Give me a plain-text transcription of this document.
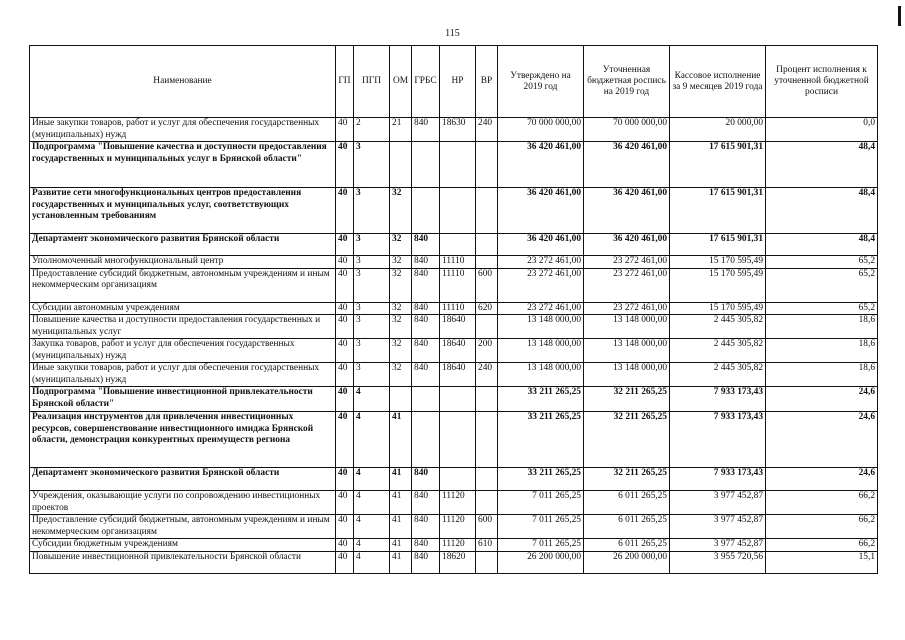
115
Наименование	ГП	ПГП	ОМ	ГРБС	НР	ВР	Утверждено на 2019 год	Уточненная бюджетная роспись на 2019 год	Кассовое исполнение за 9 месяцев 2019 года	Процент исполнения к уточненной бюджетной росписи
Иные закупки товаров, работ и услуг для обеспечения государственных (муниципальных) нужд	40	2	21	840	18630	240	70 000 000,00	70 000 000,00	20 000,00	0,0
Подпрограмма "Повышение качества и доступности предоставления государственных и муниципальных услуг в Брянской области"	40	3					36 420 461,00	36 420 461,00	17 615 901,31	48,4
Развитие сети многофункциональных центров предоставления государственных и муниципальных услуг, соответствующих установленным требованиям	40	3	32				36 420 461,00	36 420 461,00	17 615 901,31	48,4
Департамент экономического развития Брянской области	40	3	32	840			36 420 461,00	36 420 461,00	17 615 901,31	48,4
Уполномоченный многофункциональный центр	40	3	32	840	11110		23 272 461,00	23 272 461,00	15 170 595,49	65,2
Предоставление субсидий бюджетным, автономным учреждениям и иным некоммерческим организациям	40	3	32	840	11110	600	23 272 461,00	23 272 461,00	15 170 595,49	65,2
Субсидии автономным учреждениям	40	3	32	840	11110	620	23 272 461,00	23 272 461,00	15 170 595,49	65,2
Повышение качества и доступности предоставления государственных и муниципальных услуг	40	3	32	840	18640		13 148 000,00	13 148 000,00	2 445 305,82	18,6
Закупка товаров, работ и услуг для обеспечения государственных (муниципальных) нужд	40	3	32	840	18640	200	13 148 000,00	13 148 000,00	2 445 305,82	18,6
Иные закупки товаров, работ и услуг для обеспечения государственных (муниципальных) нужд	40	3	32	840	18640	240	13 148 000,00	13 148 000,00	2 445 305,82	18,6
Подпрограмма "Повышение инвестиционной привлекательности Брянской области"	40	4					33 211 265,25	32 211 265,25	7 933 173,43	24,6
Реализация инструментов для привлечения инвестиционных ресурсов, совершенствование инвестиционного имиджа Брянской области, демонстрация конкурентных преимуществ региона	40	4	41				33 211 265,25	32 211 265,25	7 933 173,43	24,6
Департамент экономического развития Брянской области	40	4	41	840			33 211 265,25	32 211 265,25	7 933 173,43	24,6
Учреждения, оказывающие услуги по сопровождению инвестиционных проектов	40	4	41	840	11120		7 011 265,25	6 011 265,25	3 977 452,87	66,2
Предоставление субсидий бюджетным, автономным учреждениям и иным некоммерческим организациям	40	4	41	840	11120	600	7 011 265,25	6 011 265,25	3 977 452,87	66,2
Субсидии бюджетным учреждениям	40	4	41	840	11120	610	7 011 265,25	6 011 265,25	3 977 452,87	66,2
Повышение инвестиционной привлекательности Брянской области	40	4	41	840	18620		26 200 000,00	26 200 000,00	3 955 720,56	15,1
